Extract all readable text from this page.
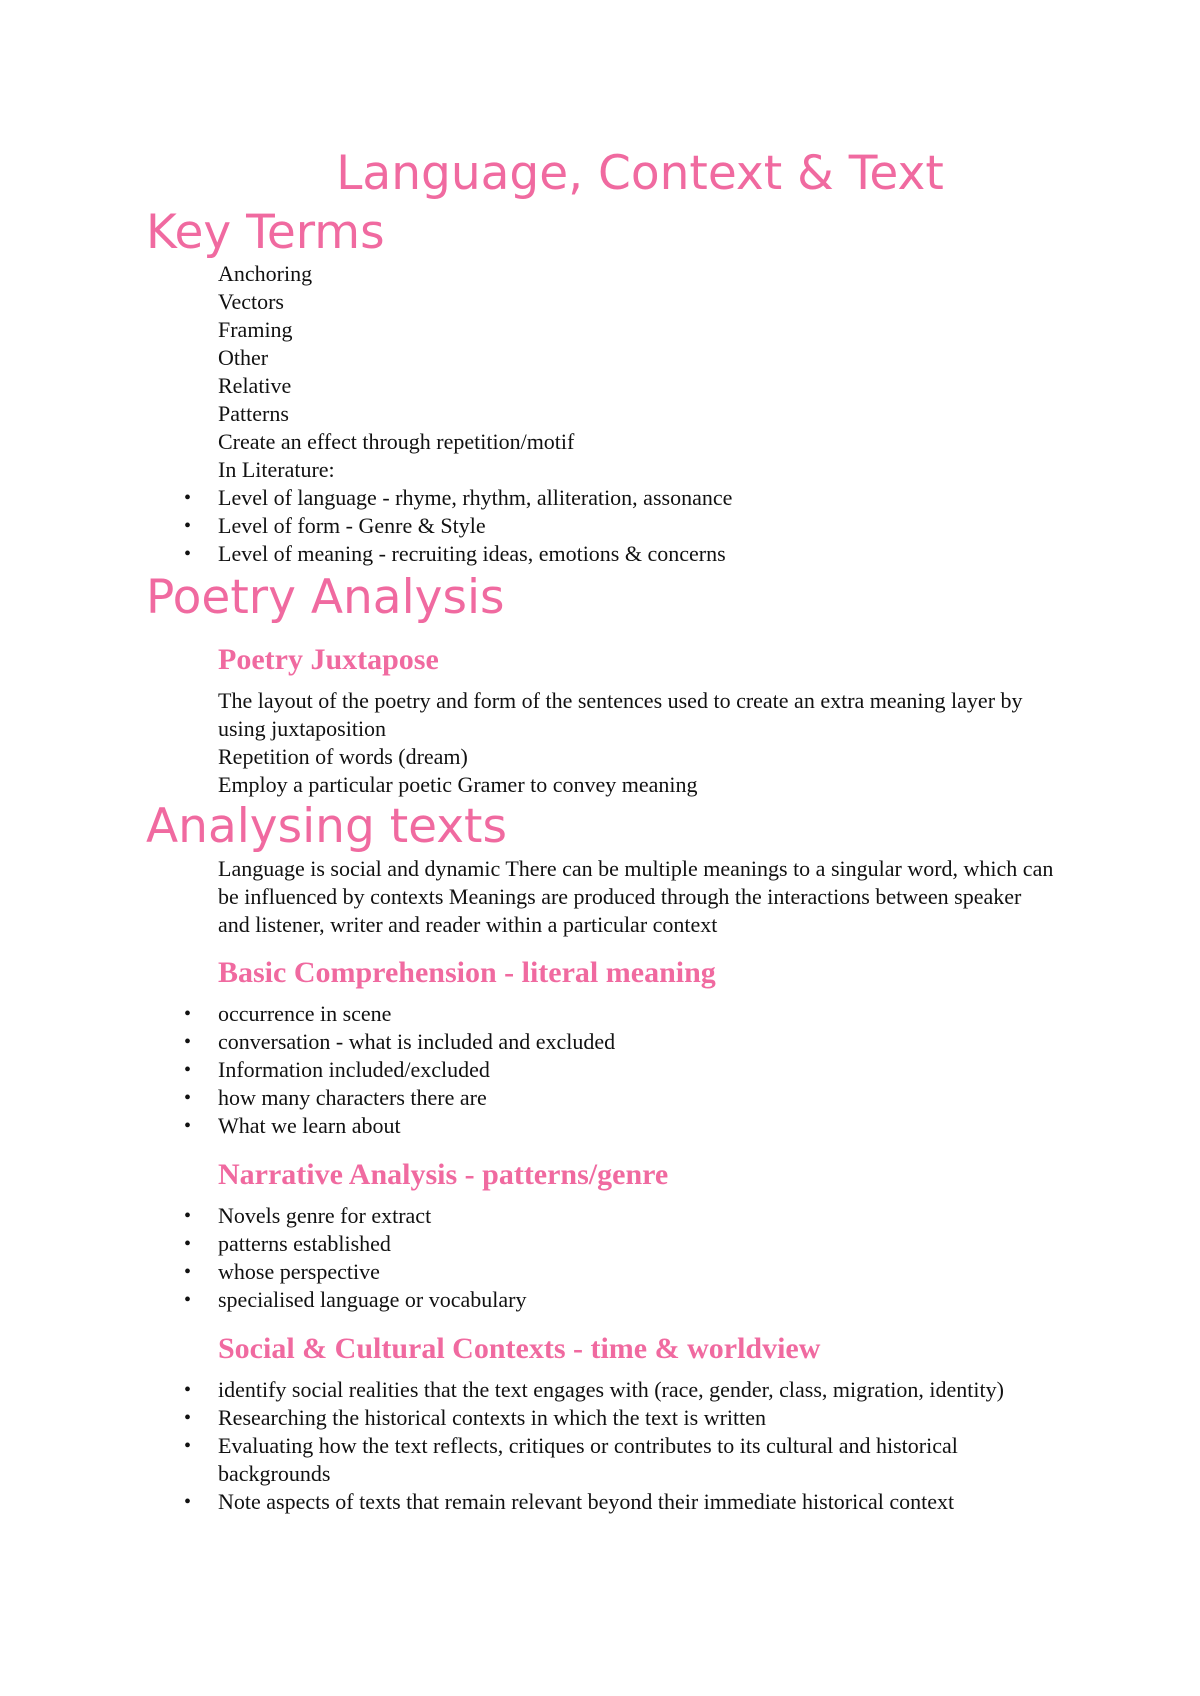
Language, Context & Text
Key Terms
Anchoring
Vectors
Framing
Other
Relative
Patterns
Create an effect through repetition/motif
In Literature:
• Level of language - rhyme, rhythm, alliteration, assonance
• Level of form - Genre & Style
• Level of meaning - recruiting ideas, emotions & concerns
Poetry Analysis
Poetry Juxtapose
The layout of the poetry and form of the sentences used to create an extra meaning layer by using juxtaposition
Repetition of words (dream)
Employ a particular poetic Gramer to convey meaning
Analysing texts
Language is social and dynamic There can be multiple meanings to a singular word, which can be influenced by contexts Meanings are produced through the interactions between speaker and listener, writer and reader within a particular context
Basic Comprehension - literal meaning
• occurrence in scene
• conversation - what is included and excluded
• Information included/excluded
• how many characters there are
• What we learn about
Narrative Analysis - patterns/genre
• Novels genre for extract
• patterns established
• whose perspective
• specialised language or vocabulary
Social & Cultural Contexts - time & worldview
• identify social realities that the text engages with (race, gender, class, migration, identity)
• Researching the historical contexts in which the text is written
• Evaluating how the text reflects, critiques or contributes to its cultural and historical backgrounds
• Note aspects of texts that remain relevant beyond their immediate historical context
